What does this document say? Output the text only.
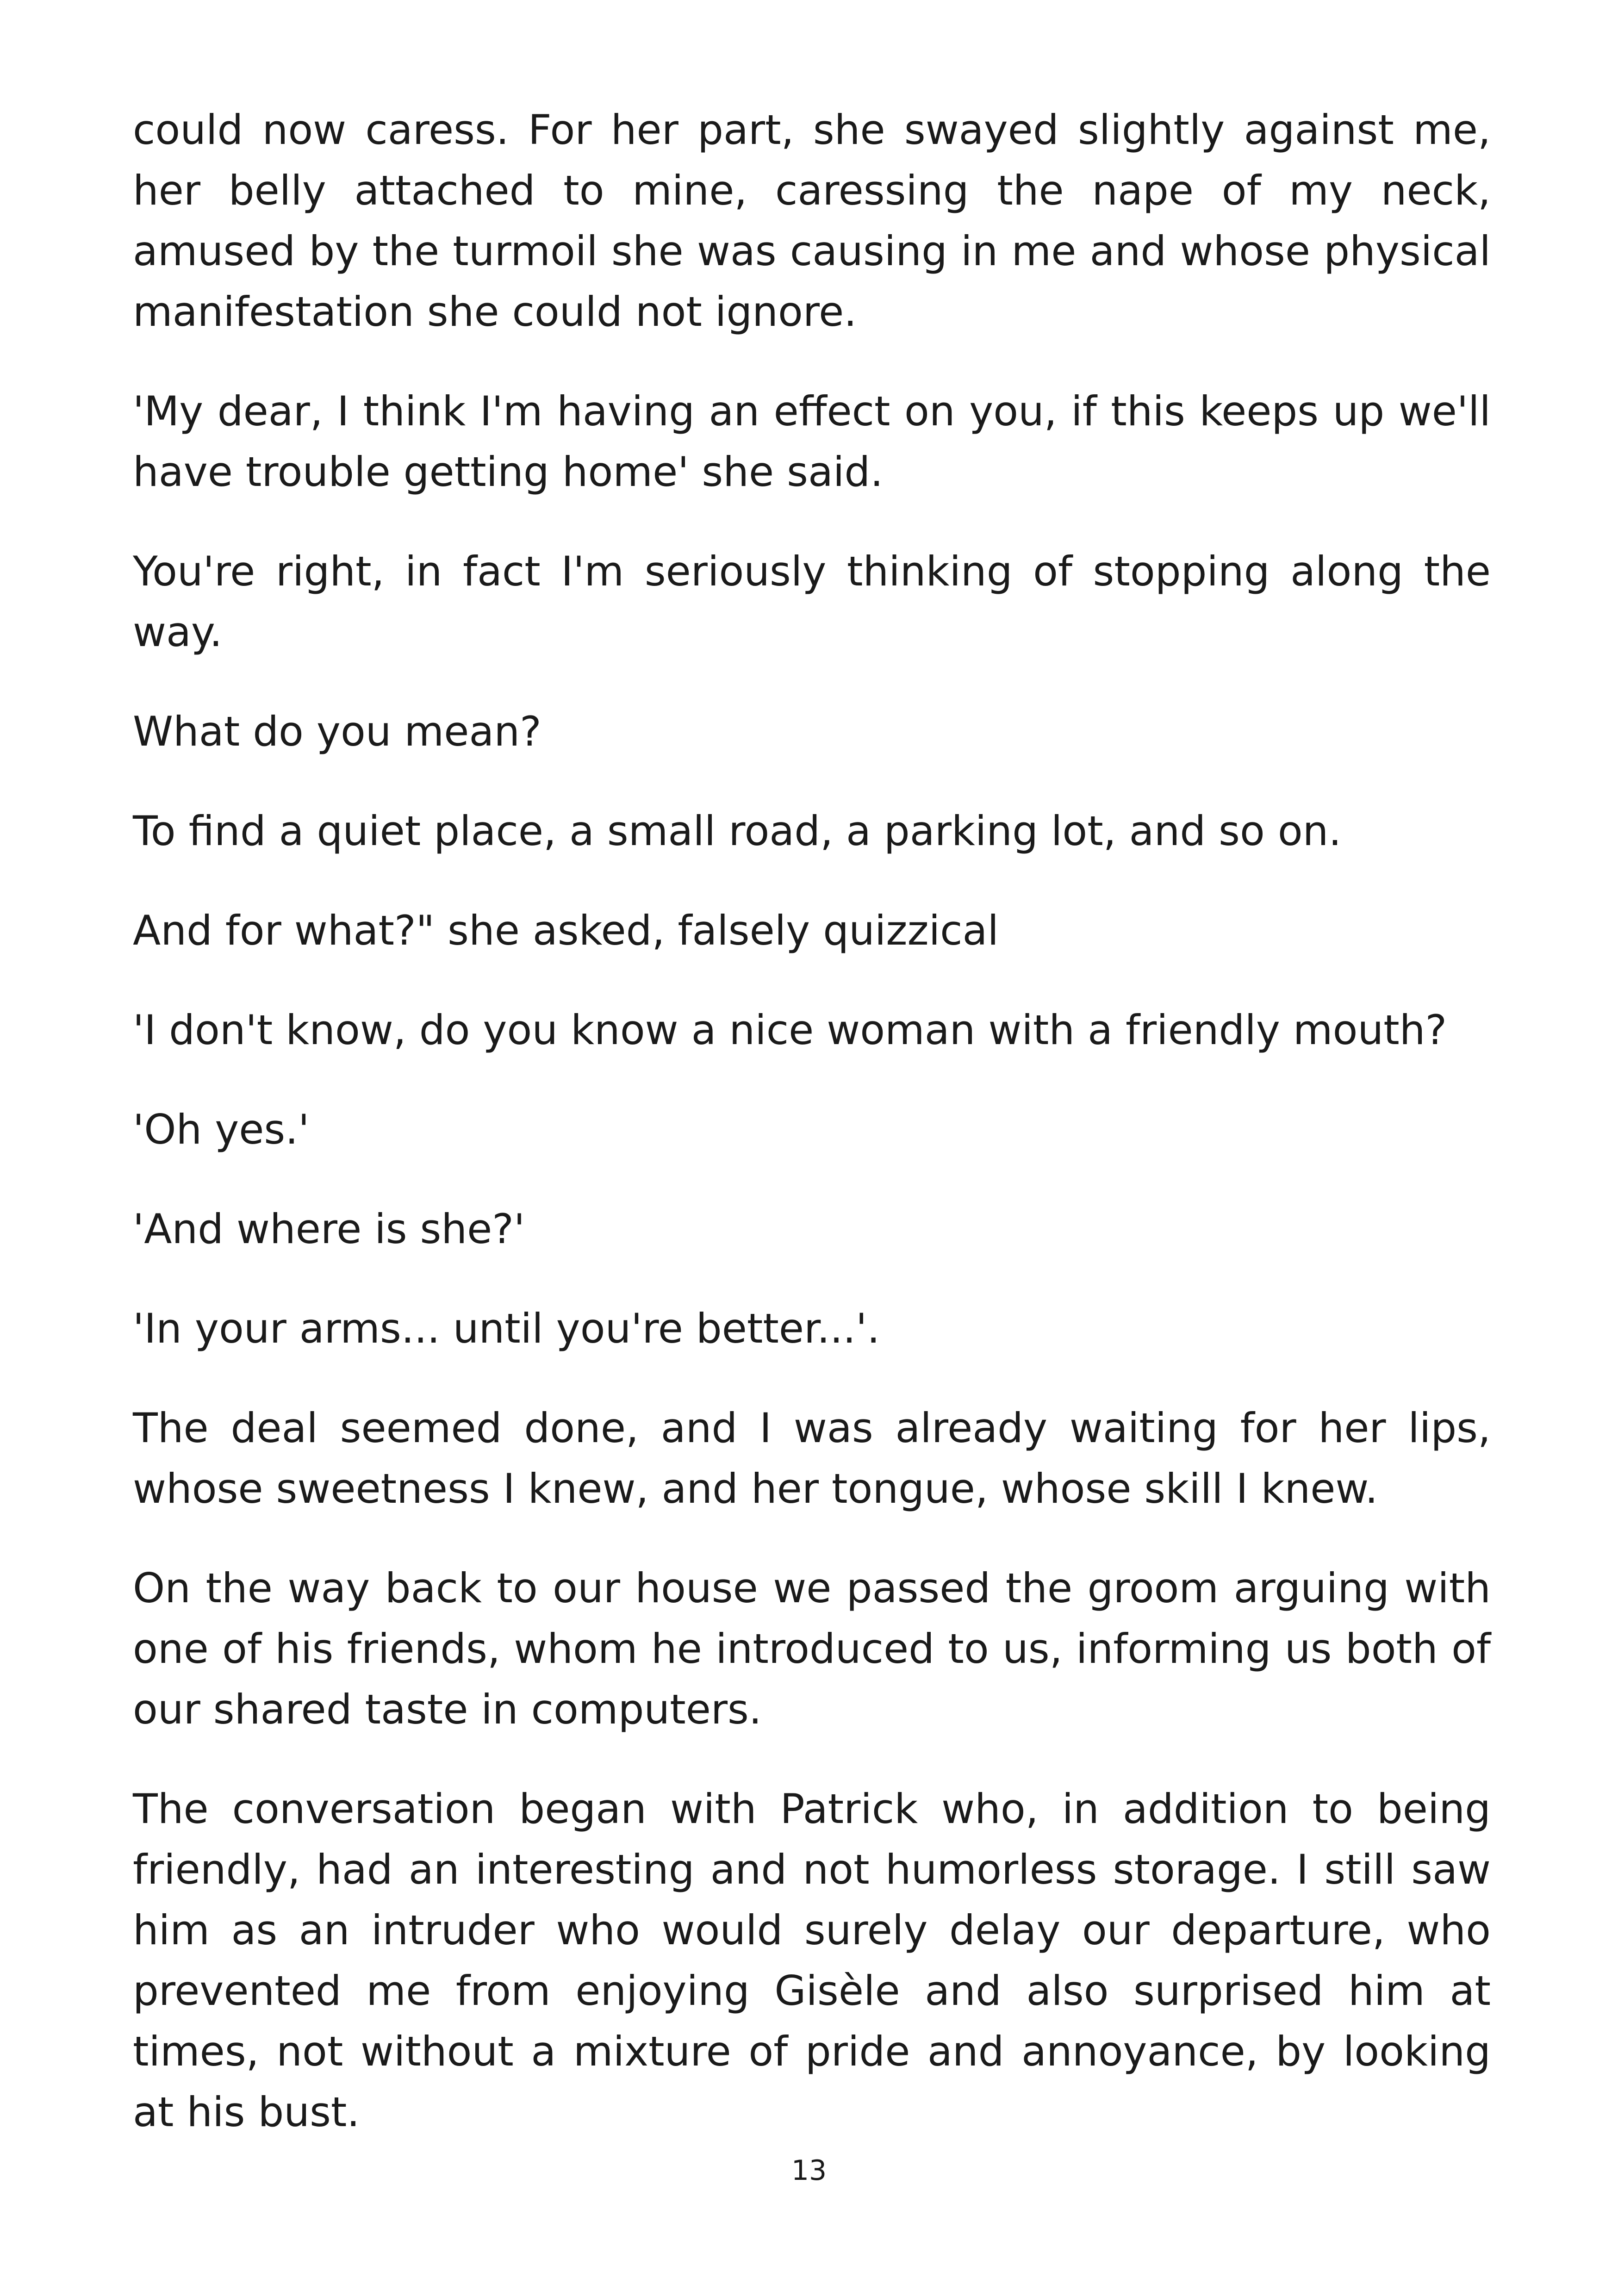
could now caress. For her part, she swayed slightly against me, her belly attached to mine, caressing the nape of my neck, amused by the turmoil she was causing in me and whose physical manifestation she could not ignore.

'My dear, I think I'm having an effect on you, if this keeps up we'll have trouble getting home' she said.

You're right, in fact I'm seriously thinking of stopping along the way.

What do you mean?

To find a quiet place, a small road, a parking lot, and so on.

And for what?" she asked, falsely quizzical

'I don't know, do you know a nice woman with a friendly mouth?

'Oh yes.'

'And where is she?'

'In your arms... until you're better...'.

The deal seemed done, and I was already waiting for her lips, whose sweetness I knew, and her tongue, whose skill I knew.

On the way back to our house we passed the groom arguing with one of his friends, whom he introduced to us, informing us both of our shared taste in computers.

The conversation began with Patrick who, in addition to being friendly, had an interesting and not humorless storage. I still saw him as an intruder who would surely delay our departure, who prevented me from enjoying Gisèle and also surprised him at times, not without a mixture of pride and annoyance, by looking at his bust.

13
